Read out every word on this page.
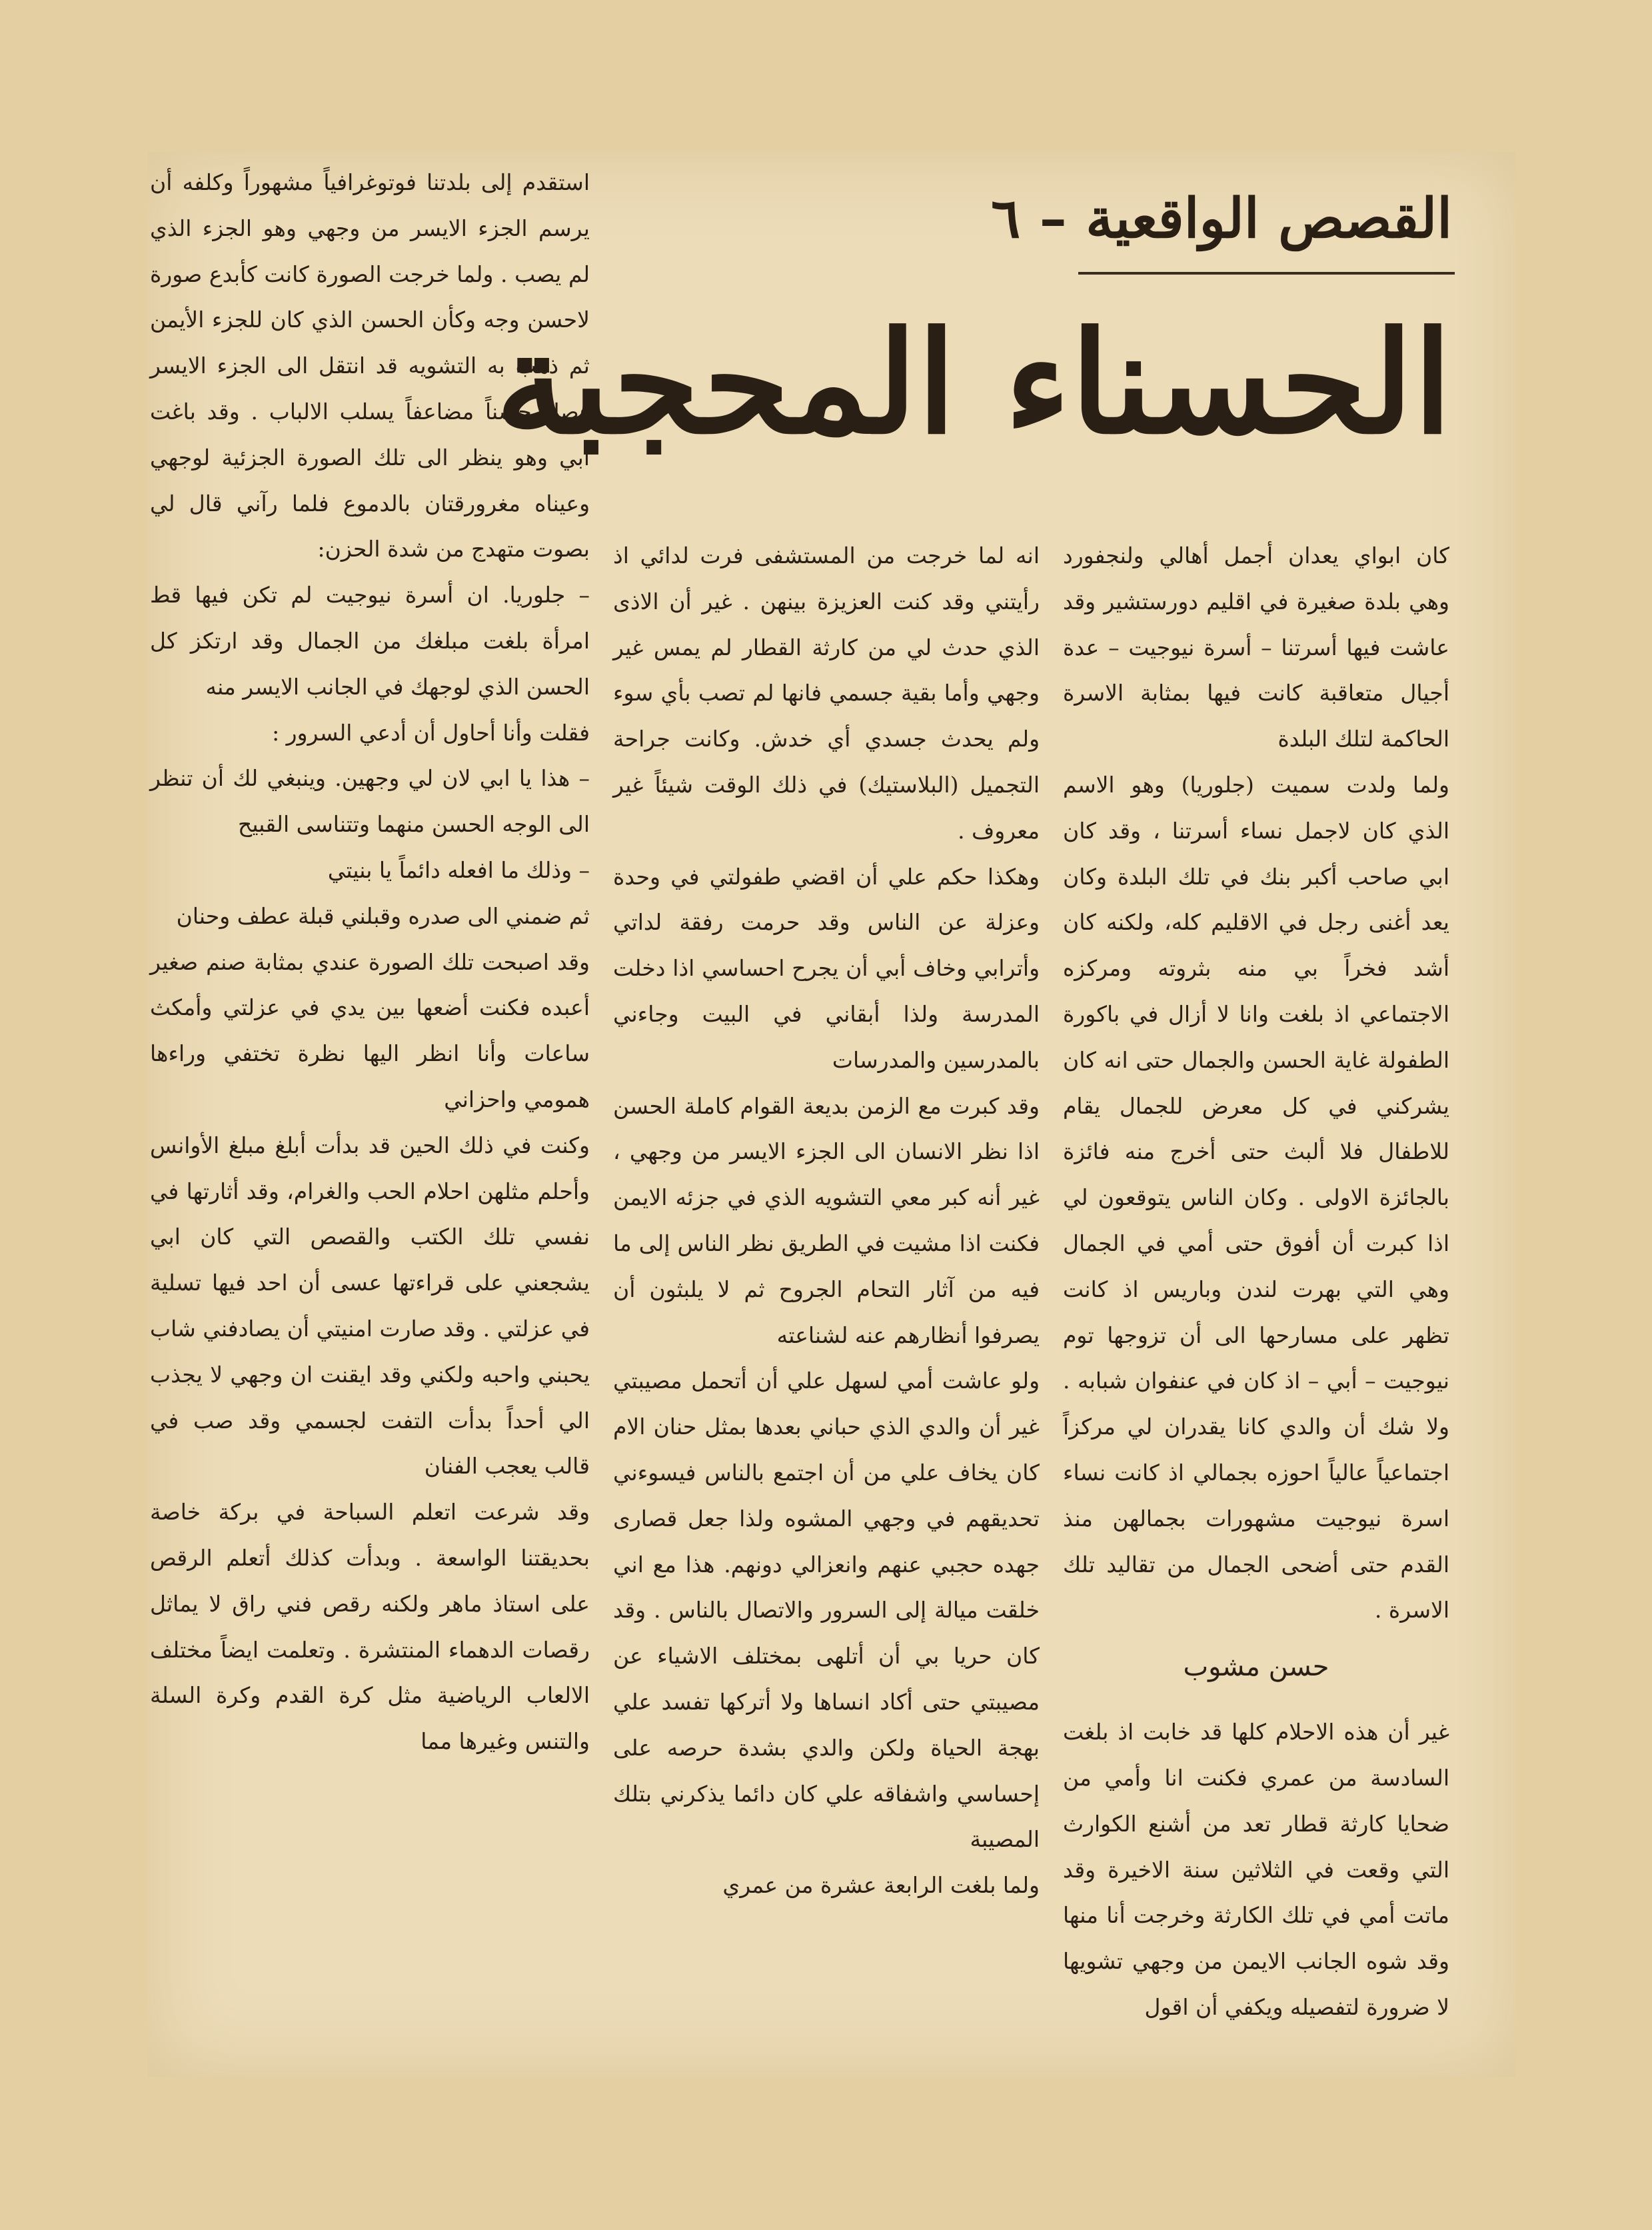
القصص الواقعية – ٦
الحسناء المحجبة

كان ابواي يعدان أجمل أهالي ولنجفورد وهي بلدة صغيرة في اقليم دورستشير وقد عاشت فيها أسرتنا – أسرة نيوجيت – عدة أجيال متعاقبة كانت فيها بمثابة الاسرة الحاكمة لتلك البلدة

ولما ولدت سميت (جلوريا) وهو الاسم الذي كان لاجمل نساء أسرتنا ، وقد كان ابي صاحب أكبر بنك في تلك البلدة وكان يعد أغنى رجل في الاقليم كله، ولكنه كان أشد فخراً بي منه بثروته ومركزه الاجتماعي اذ بلغت وانا لا أزال في باكورة الطفولة غاية الحسن والجمال حتى انه كان يشركني في كل معرض للجمال يقام للاطفال فلا ألبث حتى أخرج منه فائزة بالجائزة الاولى . وكان الناس يتوقعون لي اذا كبرت أن أفوق حتى أمي في الجمال وهي التي بهرت لندن وباريس اذ كانت تظهر على مسارحها الى أن تزوجها توم نيوجيت – أبي – اذ كان في عنفوان شبابه . ولا شك أن والدي كانا يقدران لي مركزاً اجتماعياً عالياً احوزه بجمالي اذ كانت نساء اسرة نيوجيت مشهورات بجمالهن منذ القدم حتى أضحى الجمال من تقاليد تلك الاسرة .

حسن مشوب

غير أن هذه الاحلام كلها قد خابت اذ بلغت السادسة من عمري فكنت انا وأمي من ضحايا كارثة قطار تعد من أشنع الكوارث التي وقعت في الثلاثين سنة الاخيرة وقد ماتت أمي في تلك الكارثة وخرجت أنا منها وقد شوه الجانب الايمن من وجهي تشويها لا ضرورة لتفصيله ويكفي أن اقول

انه لما خرجت من المستشفى فرت لدائي اذ رأيتني وقد كنت العزيزة بينهن . غير أن الاذى الذي حدث لي من كارثة القطار لم يمس غير وجهي وأما بقية جسمي فانها لم تصب بأي سوء ولم يحدث جسدي أي خدش. وكانت جراحة التجميل (البلاستيك) في ذلك الوقت شيئاً غير معروف .

وهكذا حكم علي أن اقضي طفولتي في وحدة وعزلة عن الناس وقد حرمت رفقة لداتي وأترابي وخاف أبي أن يجرح احساسي اذا دخلت المدرسة ولذا أبقاني في البيت وجاءني بالمدرسين والمدرسات

وقد كبرت مع الزمن بديعة القوام كاملة الحسن اذا نظر الانسان الى الجزء الايسر من وجهي ، غير أنه كبر معي التشويه الذي في جزئه الايمن فكنت اذا مشيت في الطريق نظر الناس إلى ما فيه من آثار التحام الجروح ثم لا يلبثون أن يصرفوا أنظارهم عنه لشناعته

ولو عاشت أمي لسهل علي أن أتحمل مصيبتي غير أن والدي الذي حباني بعدها بمثل حنان الام كان يخاف علي من أن اجتمع بالناس فيسوءني تحديقهم في وجهي المشوه ولذا جعل قصارى جهده حجبي عنهم وانعزالي دونهم. هذا مع اني خلقت ميالة إلى السرور والاتصال بالناس . وقد كان حريا بي أن أتلهى بمختلف الاشياء عن مصيبتي حتى أكاد انساها ولا أتركها تفسد علي بهجة الحياة ولكن والدي بشدة حرصه على إحساسي واشفاقه علي كان دائما يذكرني بتلك المصيبة

ولما بلغت الرابعة عشرة من عمري

استقدم إلى بلدتنا فوتوغرافياً مشهوراً وكلفه أن يرسم الجزء الايسر من وجهي وهو الجزء الذي لم يصب . ولما خرجت الصورة كانت كأبدع صورة لاحسن وجه وكأن الحسن الذي كان للجزء الأيمن ثم ذهب به التشويه قد انتقل الى الجزء الايسر فصار حسناً مضاعفاً يسلب الالباب . وقد باغت ابي وهو ينظر الى تلك الصورة الجزئية لوجهي وعيناه مغرورقتان بالدموع فلما رآني قال لي بصوت متهدج من شدة الحزن:

– جلوريا. ان أسرة نيوجيت لم تكن فيها قط امرأة بلغت مبلغك من الجمال وقد ارتكز كل الحسن الذي لوجهك في الجانب الايسر منه

فقلت وأنا أحاول أن أدعي السرور :

– هذا يا ابي لان لي وجهين. وينبغي لك أن تنظر الى الوجه الحسن منهما وتتناسى القبيح

– وذلك ما افعله دائماً يا بنيتي

ثم ضمني الى صدره وقبلني قبلة عطف وحنان

وقد اصبحت تلك الصورة عندي بمثابة صنم صغير أعبده فكنت أضعها بين يدي في عزلتي وأمكث ساعات وأنا انظر اليها نظرة تختفي وراءها همومي واحزاني

وكنت في ذلك الحين قد بدأت أبلغ مبلغ الأوانس وأحلم مثلهن احلام الحب والغرام، وقد أثارتها في نفسي تلك الكتب والقصص التي كان ابي يشجعني على قراءتها عسى أن احد فيها تسلية في عزلتي . وقد صارت امنيتي أن يصادفني شاب يحبني واحبه ولكني وقد ايقنت ان وجهي لا يجذب الي أحداً بدأت التفت لجسمي وقد صب في قالب يعجب الفنان

وقد شرعت اتعلم السباحة في بركة خاصة بحديقتنا الواسعة . وبدأت كذلك أتعلم الرقص على استاذ ماهر ولكنه رقص فني راق لا يماثل رقصات الدهماء المنتشرة . وتعلمت ايضاً مختلف الالعاب الرياضية مثل كرة القدم وكرة السلة والتنس وغيرها مما
